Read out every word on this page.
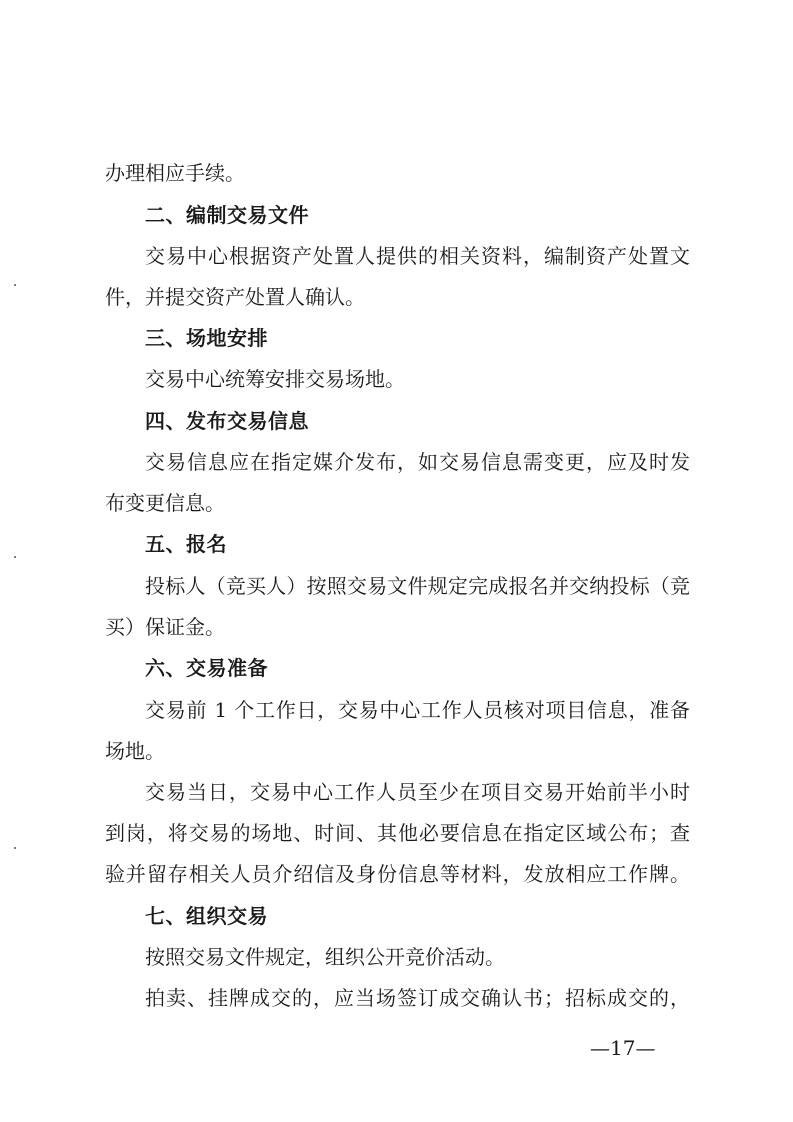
办理相应手续。
二、编制交易文件
交易中心根据资产处置人提供的相关资料，编制资产处置文
件，并提交资产处置人确认。
三、场地安排
交易中心统筹安排交易场地。
四、发布交易信息
交易信息应在指定媒介发布，如交易信息需变更，应及时发
布变更信息。
五、报名
投标人（竞买人）按照交易文件规定完成报名并交纳投标（竞
买）保证金。
六、交易准备
交易前 1 个工作日，交易中心工作人员核对项目信息，准备
场地。
交易当日，交易中心工作人员至少在项目交易开始前半小时
到岗，将交易的场地、时间、其他必要信息在指定区域公布；查
验并留存相关人员介绍信及身份信息等材料，发放相应工作牌。
七、组织交易
按照交易文件规定，组织公开竞价活动。
拍卖、挂牌成交的，应当场签订成交确认书；招标成交的，
—17—
